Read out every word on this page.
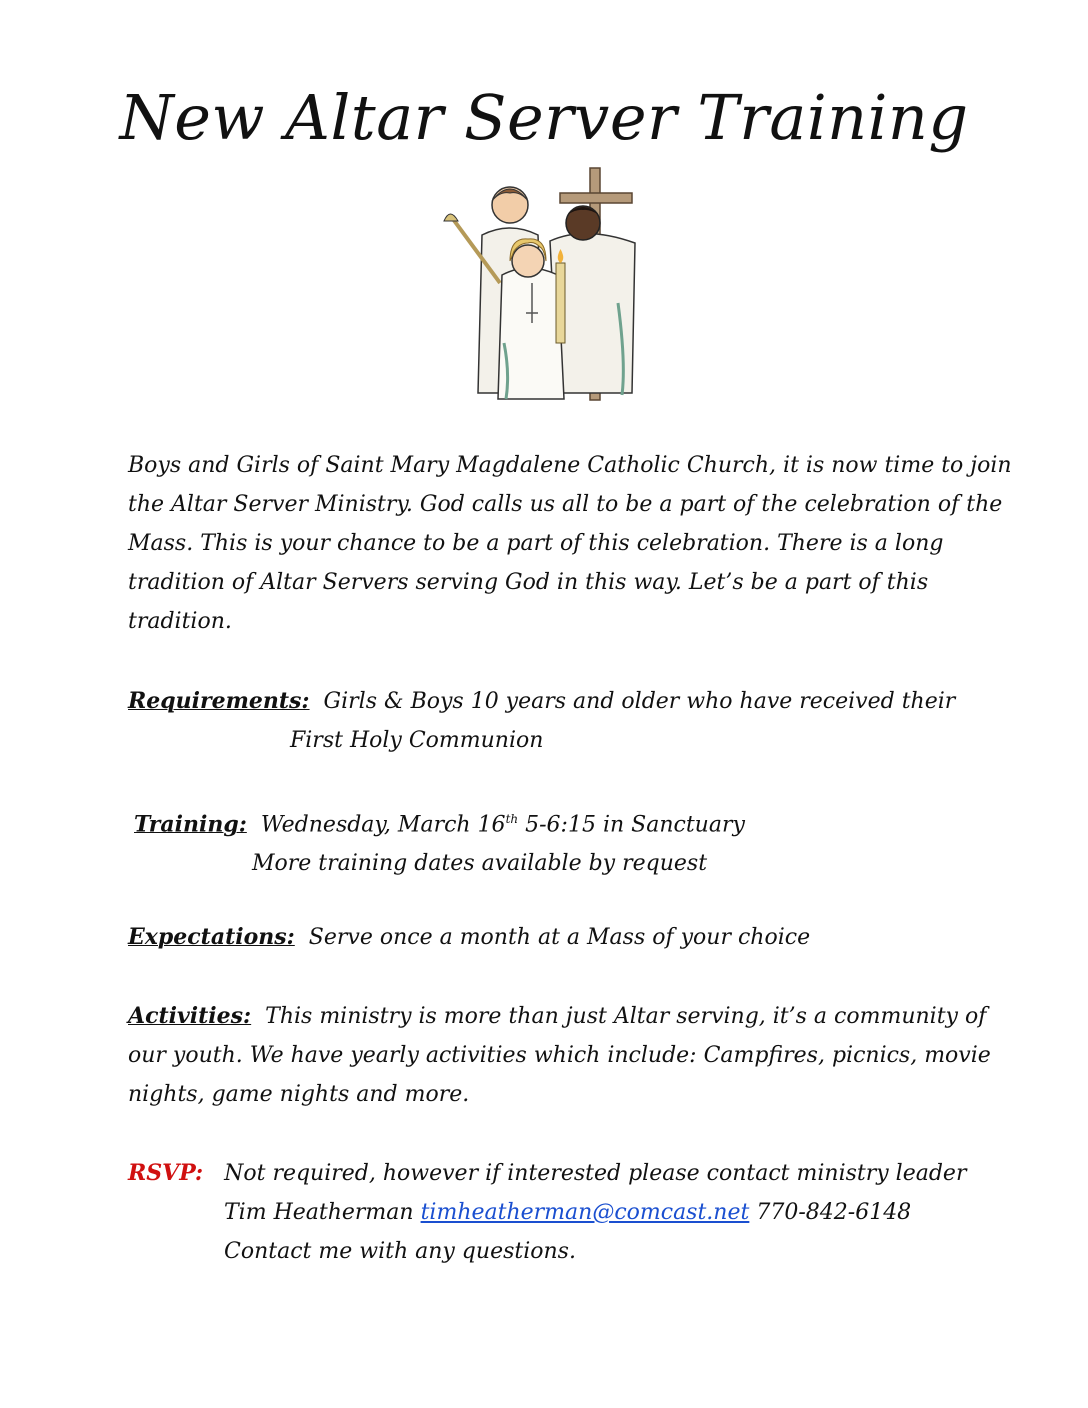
New Altar Server Training
Boys and Girls of Saint Mary Magdalene Catholic Church, it is now time to join
the Altar Server Ministry. God calls us all to be a part of the celebration of the
Mass. This is your chance to be a part of this celebration. There is a long
tradition of Altar Servers serving God in this way. Let’s be a part of this
tradition.
Requirements: Girls & Boys 10 years and older who have received their
First Holy Communion
Training: Wednesday, March 16th 5-6:15 in Sanctuary
More training dates available by request
Expectations: Serve once a month at a Mass of your choice
Activities: This ministry is more than just Altar serving, it’s a community of
our youth. We have yearly activities which include: Campfires, picnics, movie
nights, game nights and more.
RSVP: Not required, however if interested please contact ministry leader
Tim Heatherman timheatherman@comcast.net 770-842-6148
Contact me with any questions.
